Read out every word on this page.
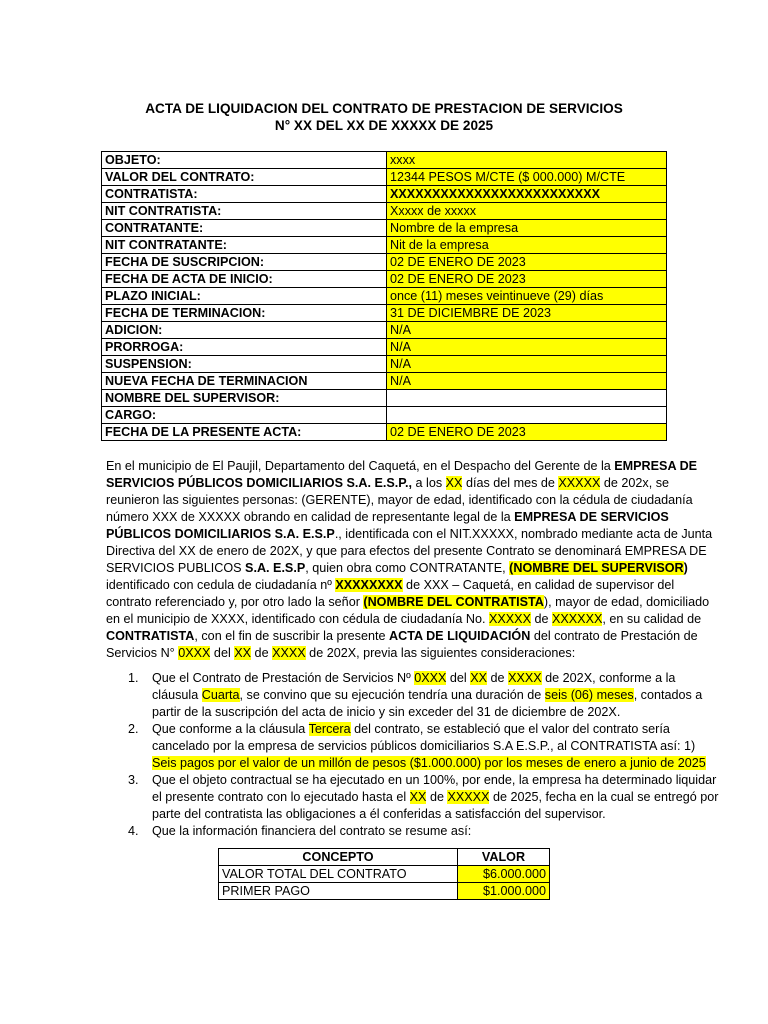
ACTA DE LIQUIDACION DEL CONTRATO DE PRESTACION DE SERVICIOS
N° XX DEL XX DE XXXXX DE 2025
OBJETO:	xxxx
VALOR DEL CONTRATO:	12344 PESOS M/CTE ($ 000.000) M/CTE
CONTRATISTA:	XXXXXXXXXXXXXXXXXXXXXXXXX
NIT CONTRATISTA:	Xxxxx de xxxxx
CONTRATANTE:	Nombre de la empresa
NIT CONTRATANTE:	Nit de la empresa
FECHA DE SUSCRIPCION:	02 DE ENERO DE 2023
FECHA DE ACTA DE INICIO:	02 DE ENERO DE 2023
PLAZO INICIAL:	once (11) meses veintinueve (29) días
FECHA DE TERMINACION:	31 DE DICIEMBRE DE 2023
ADICION:	N/A
PRORROGA:	N/A
SUSPENSION:	N/A
NUEVA FECHA DE TERMINACION	N/A
NOMBRE DEL SUPERVISOR:	
CARGO:	
FECHA DE LA PRESENTE ACTA:	02 DE ENERO DE 2023
En el municipio de El Paujil, Departamento del Caquetá, en el Despacho del Gerente de la EMPRESA DE
SERVICIOS PÚBLICOS DOMICILIARIOS S.A. E.S.P., a los XX días del mes de XXXXX de 202x, se
reunieron las siguientes personas: (GERENTE), mayor de edad, identificado con la cédula de ciudadanía
número XXX de XXXXX obrando en calidad de representante legal de la EMPRESA DE SERVICIOS
PÚBLICOS DOMICILIARIOS S.A. E.S.P., identificada con el NIT.XXXXX, nombrado mediante acta de Junta
Directiva del XX de enero de 202X, y que para efectos del presente Contrato se denominará EMPRESA DE
SERVICIOS PUBLICOS S.A. E.S.P, quien obra como CONTRATANTE, (NOMBRE DEL SUPERVISOR)
identificado con cedula de ciudadanía nº XXXXXXXX de XXX – Caquetá, en calidad de supervisor del
contrato referenciado y, por otro lado la señor (NOMBRE DEL CONTRATISTA), mayor de edad, domiciliado
en el municipio de XXXX, identificado con cédula de ciudadanía No. XXXXX de XXXXXX, en su calidad de
CONTRATISTA, con el fin de suscribir la presente ACTA DE LIQUIDACIÓN del contrato de Prestación de
Servicios N° 0XXX del XX de XXXX de 202X, previa las siguientes consideraciones:
1. Que el Contrato de Prestación de Servicios Nº 0XXX del XX de XXXX de 202X, conforme a la
cláusula Cuarta, se convino que su ejecución tendría una duración de seis (06) meses, contados a
partir de la suscripción del acta de inicio y sin exceder del 31 de diciembre de 202X.
2. Que conforme a la cláusula Tercera del contrato, se estableció que el valor del contrato sería
cancelado por la empresa de servicios públicos domiciliarios S.A E.S.P., al CONTRATISTA así: 1)
Seis pagos por el valor de un millón de pesos ($1.000.000) por los meses de enero a junio de 2025
3. Que el objeto contractual se ha ejecutado en un 100%, por ende, la empresa ha determinado liquidar
el presente contrato con lo ejecutado hasta el XX de XXXXX de 2025, fecha en la cual se entregó por
parte del contratista las obligaciones a él conferidas a satisfacción del supervisor.
4. Que la información financiera del contrato se resume así:
CONCEPTO	VALOR
VALOR TOTAL DEL CONTRATO	$6.000.000
PRIMER PAGO	$1.000.000
